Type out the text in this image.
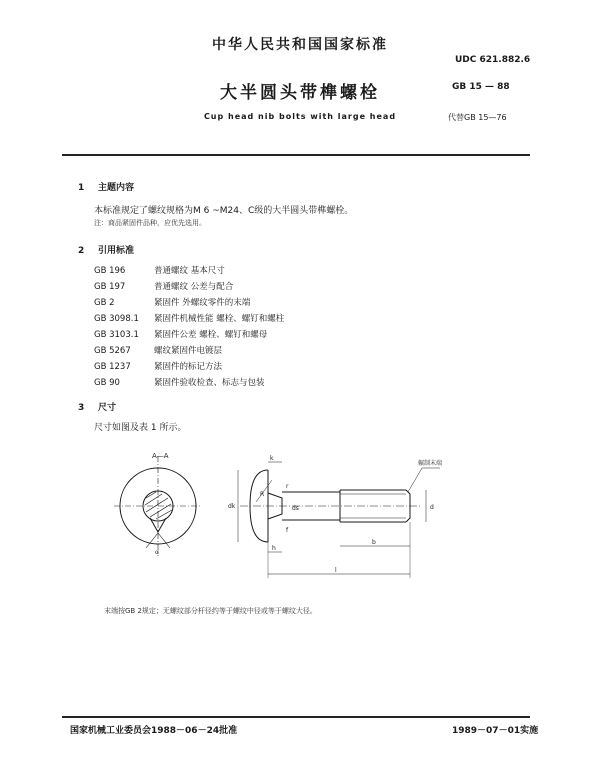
中华人民共和国国家标准
UDC 621.882.6
大半圆头带榫螺栓	GB 15 — 88
Cup head nib bolts with large head	代替GB 15—76
1 主题内容
本标准规定了螺纹规格为M 6 ~M24、C级的大半圆头带榫螺栓。
注：商品紧固件品种，应优先选用。
2 引用标准
GB 196	普通螺纹 基本尺寸
GB 197	普通螺纹 公差与配合
GB 2	紧固件 外螺纹零件的末端
GB 3098.1 紧固件机械性能 螺栓、螺钉和螺柱
GB 3103.1 紧固件公差 螺栓、螺钉和螺母
GB 5267	螺纹紧固件电镀层
GB 1237	紧固件的标记方法
GB 90	紧固件验收检查、标志与包装
3 尺寸
尺寸如图及表 1 所示。
A—A
α
k
dk
R
r
f
ds	d
h
b
l
辗制末端
末端按GB 2规定；无螺纹部分杆径约等于螺纹中径或等于螺纹大径。
国家机械工业委员会1988－06－24批准	1989－07－01实施
